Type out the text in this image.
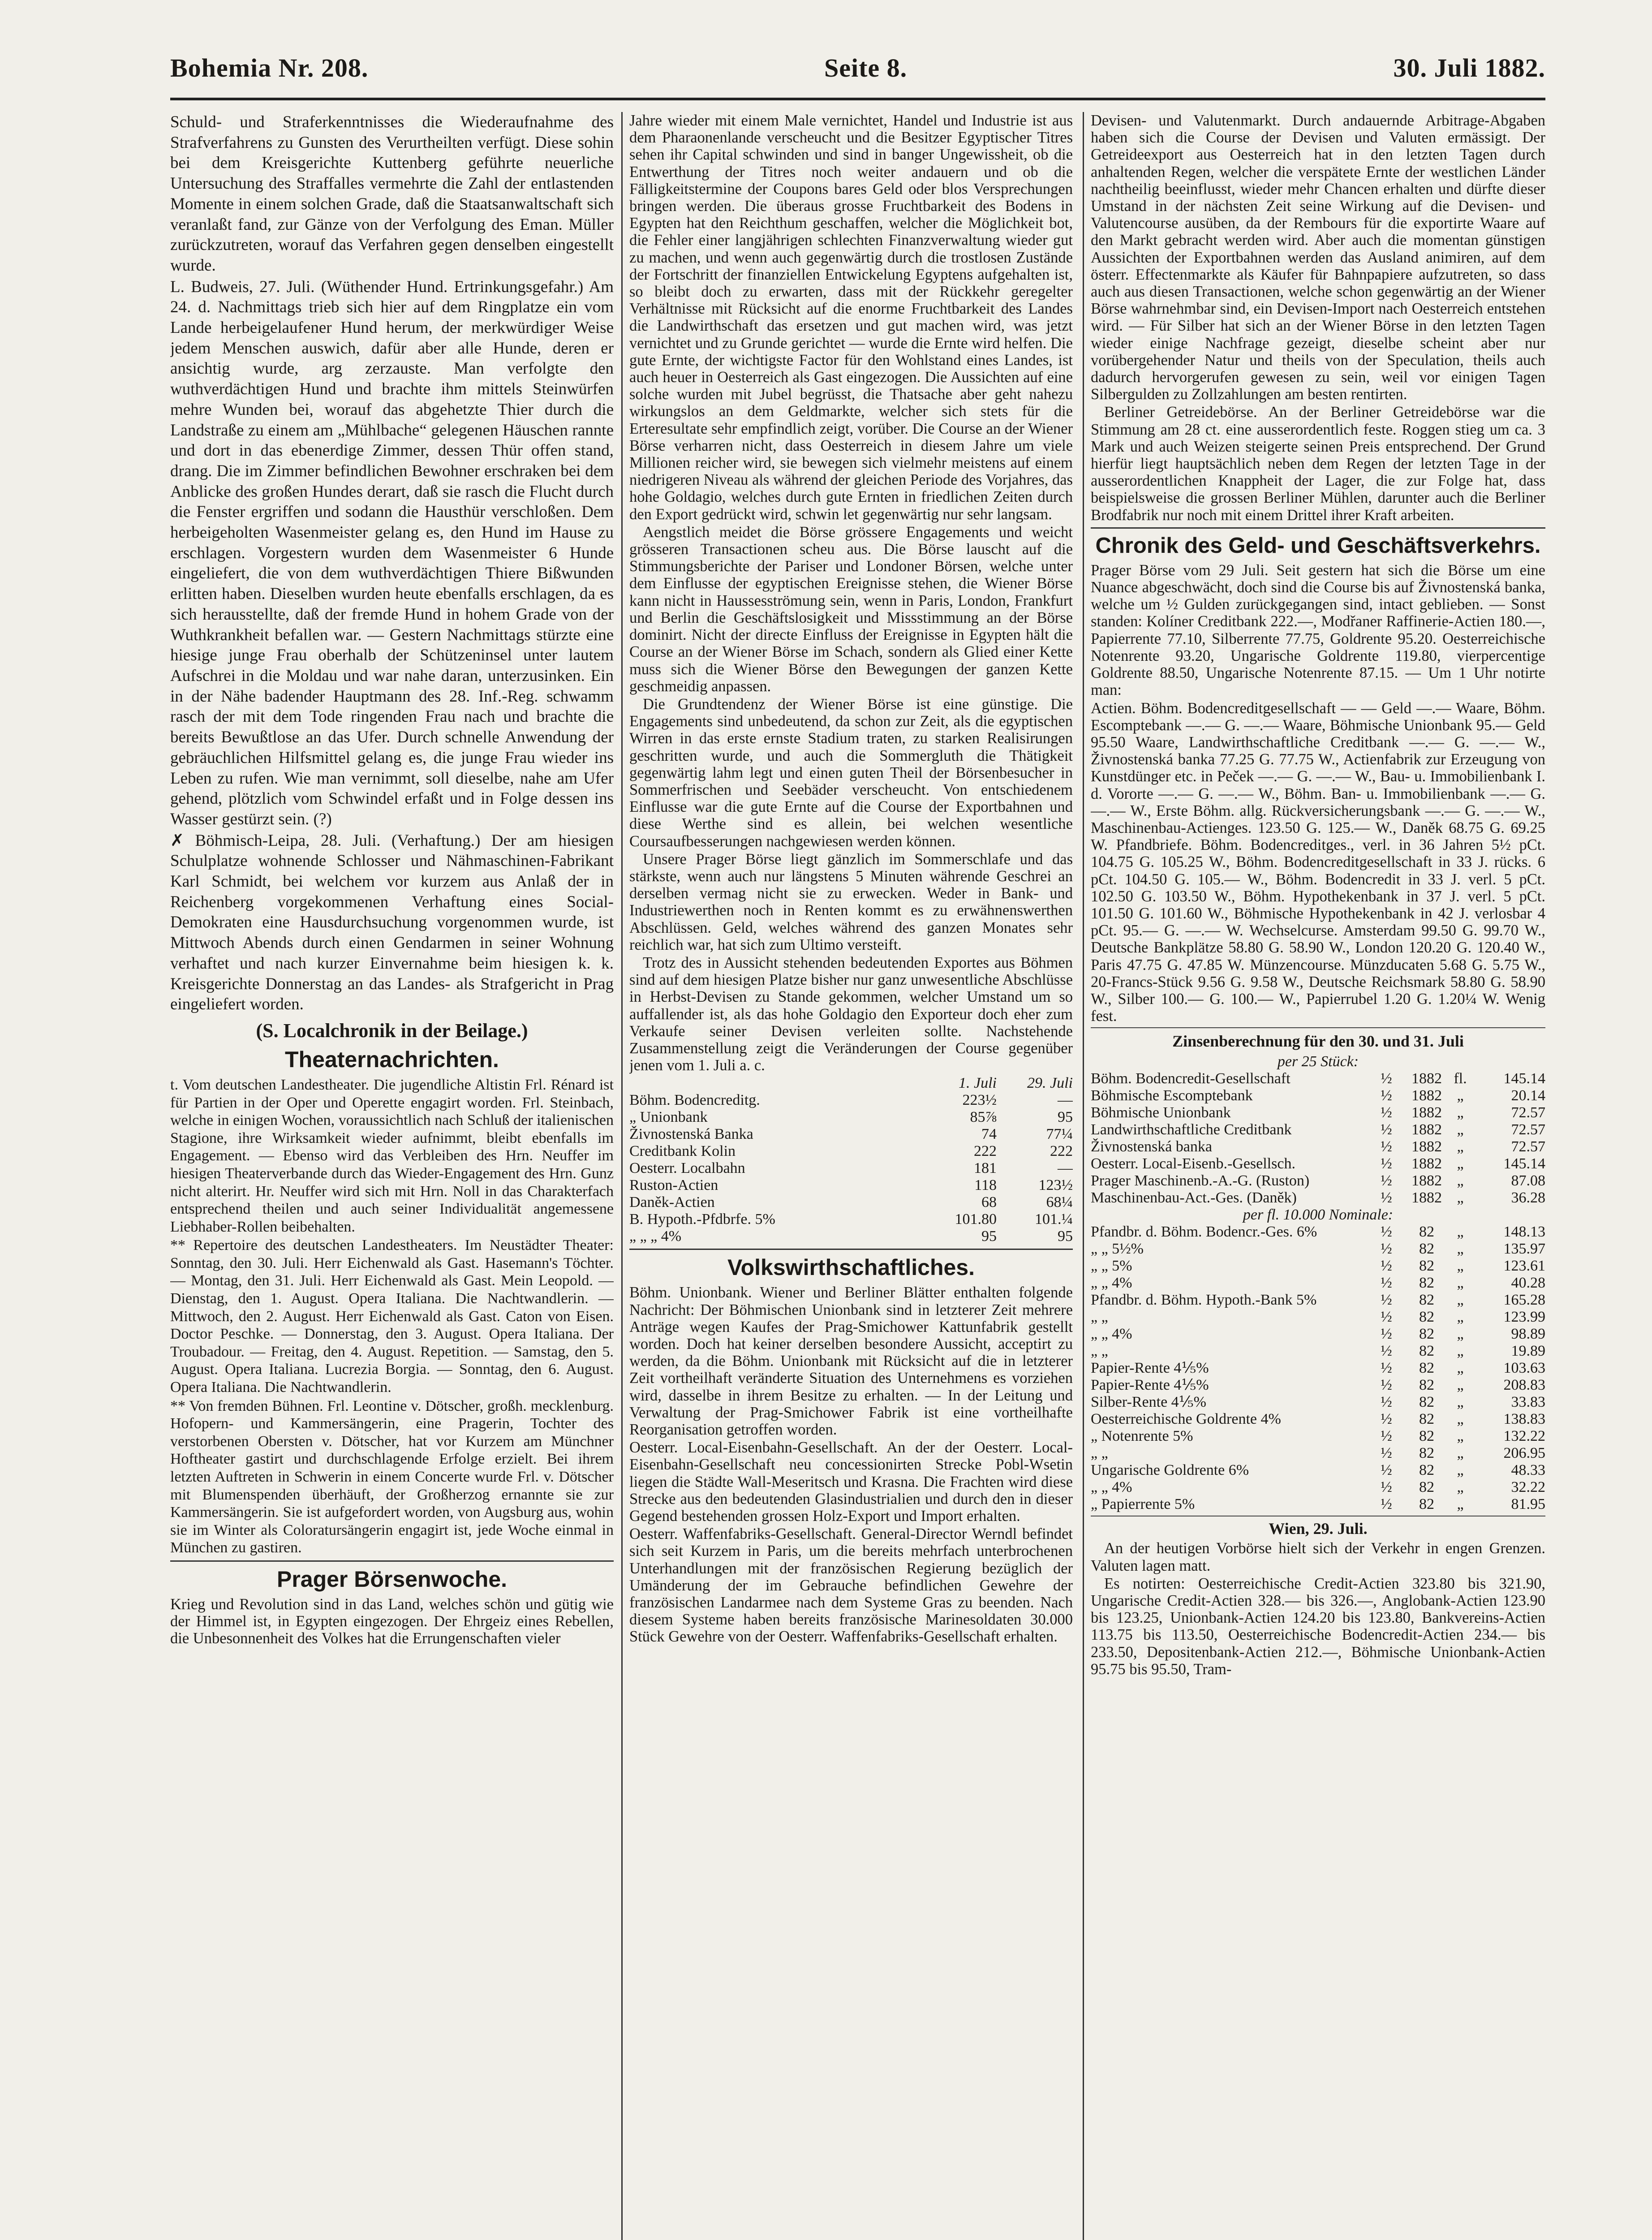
Bohemia Nr. 208.	Seite 8.	30. Juli 1882.

Schuld- und Straferkenntnisses die Wiederaufnahme des Strafverfahrens zu Gunsten des Verurtheilten verfügt. Diese sohin bei dem Kreisgerichte Kuttenberg geführte neuerliche Untersuchung des Straffalles vermehrte die Zahl der entlastenden Momente in einem solchen Grade, daß die Staatsanwaltschaft sich veranlaßt fand, zur Gänze von der Verfolgung des Eman. Müller zurückzutreten, worauf das Verfahren gegen denselben eingestellt wurde.

L. Budweis, 27. Juli. (Wüthender Hund. Ertrinkungsgefahr.) Am 24. d. Nachmittags trieb sich hier auf dem Ringplatze ein vom Lande herbeigelaufener Hund herum, der merkwürdiger Weise jedem Menschen auswich, dafür aber alle Hunde, deren er ansichtig wurde, arg zerzauste. Man verfolgte den wuthverdächtigen Hund und brachte ihm mittels Steinwürfen mehre Wunden bei, worauf das abgehetzte Thier durch die Landstraße zu einem am „Mühlbache“ gelegenen Häuschen rannte und dort in das ebenerdige Zimmer, dessen Thür offen stand, drang. Die im Zimmer befindlichen Bewohner erschraken bei dem Anblicke des großen Hundes derart, daß sie rasch die Flucht durch die Fenster ergriffen und sodann die Hausthür verschloßen. Dem herbeigeholten Wasenmeister gelang es, den Hund im Hause zu erschlagen. Vorgestern wurden dem Wasenmeister 6 Hunde eingeliefert, die von dem wuthverdächtigen Thiere Bißwunden erlitten haben. Dieselben wurden heute ebenfalls erschlagen, da es sich herausstellte, daß der fremde Hund in hohem Grade von der Wuthkrankheit befallen war. — Gestern Nachmittags stürzte eine hiesige junge Frau oberhalb der Schützeninsel unter lautem Aufschrei in die Moldau und war nahe daran, unterzusinken. Ein in der Nähe badender Hauptmann des 28. Inf.-Reg. schwamm rasch der mit dem Tode ringenden Frau nach und brachte die bereits Bewußtlose an das Ufer. Durch schnelle Anwendung der gebräuchlichen Hilfsmittel gelang es, die junge Frau wieder ins Leben zu rufen. Wie man vernimmt, soll dieselbe, nahe am Ufer gehend, plötzlich vom Schwindel erfaßt und in Folge dessen ins Wasser gestürzt sein. (?)

✗ Böhmisch-Leipa, 28. Juli. (Verhaftung.) Der am hiesigen Schulplatze wohnende Schlosser und Nähmaschinen-Fabrikant Karl Schmidt, bei welchem vor kurzem aus Anlaß der in Reichenberg vorgekommenen Verhaftung eines Social-Demokraten eine Hausdurchsuchung vorgenommen wurde, ist Mittwoch Abends durch einen Gendarmen in seiner Wohnung verhaftet und nach kurzer Einvernahme beim hiesigen k. k. Kreisgerichte Donnerstag an das Landes- als Strafgericht in Prag eingeliefert worden.

(S. Localchronik in der Beilage.)
Theaternachrichten.

t. Vom deutschen Landestheater. Die jugendliche Altistin Frl. Rénard ist für Partien in der Oper und Operette engagirt worden. Frl. Steinbach, welche in einigen Wochen, voraussichtlich nach Schluß der italienischen Stagione, ihre Wirksamkeit wieder aufnimmt, bleibt ebenfalls im Engagement. — Ebenso wird das Verbleiben des Hrn. Neuffer im hiesigen Theaterverbande durch das Wieder-Engagement des Hrn. Gunz nicht alterirt. Hr. Neuffer wird sich mit Hrn. Noll in das Charakterfach entsprechend theilen und auch seiner Individualität angemessene Liebhaber-Rollen beibehalten.

** Repertoire des deutschen Landestheaters. Im Neustädter Theater: Sonntag, den 30. Juli. Herr Eichenwald als Gast. Hasemann's Töchter. — Montag, den 31. Juli. Herr Eichenwald als Gast. Mein Leopold. — Dienstag, den 1. August. Opera Italiana. Die Nachtwandlerin. — Mittwoch, den 2. August. Herr Eichenwald als Gast. Caton von Eisen. Doctor Peschke. — Donnerstag, den 3. August. Opera Italiana. Der Troubadour. — Freitag, den 4. August. Repetition. — Samstag, den 5. August. Opera Italiana. Lucrezia Borgia. — Sonntag, den 6. August. Opera Italiana. Die Nachtwandlerin.

** Von fremden Bühnen. Frl. Leontine v. Dötscher, großh. mecklenburg. Hofopern- und Kammersängerin, eine Pragerin, Tochter des verstorbenen Obersten v. Dötscher, hat vor Kurzem am Münchner Hoftheater gastirt und durchschlagende Erfolge erzielt. Bei ihrem letzten Auftreten in Schwerin in einem Concerte wurde Frl. v. Dötscher mit Blumenspenden überhäuft, der Großherzog ernannte sie zur Kammersängerin. Sie ist aufgefordert worden, von Augsburg aus, wohin sie im Winter als Coloratursängerin engagirt ist, jede Woche einmal in München zu gastiren.

Prager Börsenwoche.

Krieg und Revolution sind in das Land, welches schön und gütig wie der Himmel ist, in Egypten eingezogen. Der Ehrgeiz eines Rebellen, die Unbesonnenheit des Volkes hat die Errungenschaften vieler

Jahre wieder mit einem Male vernichtet, Handel und Industrie ist aus dem Pharaonenlande verscheucht und die Besitzer Egyptischer Titres sehen ihr Capital schwinden und sind in banger Ungewissheit, ob die Entwerthung der Titres noch weiter andauern und ob die Fälligkeitstermine der Coupons bares Geld oder blos Versprechungen bringen werden. Die überaus grosse Fruchtbarkeit des Bodens in Egypten hat den Reichthum geschaffen, welcher die Möglichkeit bot, die Fehler einer langjährigen schlechten Finanzverwaltung wieder gut zu machen, und wenn auch gegenwärtig durch die trostlosen Zustände der Fortschritt der finanziellen Entwickelung Egyptens aufgehalten ist, so bleibt doch zu erwarten, dass mit der Rückkehr geregelter Verhältnisse mit Rücksicht auf die enorme Fruchtbarkeit des Landes die Landwirthschaft das ersetzen und gut machen wird, was jetzt vernichtet und zu Grunde gerichtet — wurde die Ernte wird helfen. Die gute Ernte, der wichtigste Factor für den Wohlstand eines Landes, ist auch heuer in Oesterreich als Gast eingezogen. Die Aussichten auf eine solche wurden mit Jubel begrüsst, die Thatsache aber geht nahezu wirkungslos an dem Geldmarkte, welcher sich stets für die Erteresultate sehr empfindlich zeigt, vorüber. Die Course an der Wiener Börse verharren nicht, dass Oesterreich in diesem Jahre um viele Millionen reicher wird, sie bewegen sich vielmehr meistens auf einem niedrigeren Niveau als während der gleichen Periode des Vorjahres, das hohe Goldagio, welches durch gute Ernten in friedlichen Zeiten durch den Export gedrückt wird, schwin let gegenwärtig nur sehr langsam.

Aengstlich meidet die Börse grössere Engagements und weicht grösseren Transactionen scheu aus. Die Börse lauscht auf die Stimmungsberichte der Pariser und Londoner Börsen, welche unter dem Einflusse der egyptischen Ereignisse stehen, die Wiener Börse kann nicht in Haussesströmung sein, wenn in Paris, London, Frankfurt und Berlin die Geschäftslosigkeit und Missstimmung an der Börse dominirt. Nicht der directe Einfluss der Ereignisse in Egypten hält die Course an der Wiener Börse im Schach, sondern als Glied einer Kette muss sich die Wiener Börse den Bewegungen der ganzen Kette geschmeidig anpassen.

Die Grundtendenz der Wiener Börse ist eine günstige. Die Engagements sind unbedeutend, da schon zur Zeit, als die egyptischen Wirren in das erste ernste Stadium traten, zu starken Realisirungen geschritten wurde, und auch die Sommergluth die Thätigkeit gegenwärtig lahm legt und einen guten Theil der Börsenbesucher in Sommerfrischen und Seebäder verscheucht. Von entschiedenem Einflusse war die gute Ernte auf die Course der Exportbahnen und diese Werthe sind es allein, bei welchen wesentliche Coursaufbesserungen nachgewiesen werden können.

Unsere Prager Börse liegt gänzlich im Sommerschlafe und das stärkste, wenn auch nur längstens 5 Minuten währende Geschrei an derselben vermag nicht sie zu erwecken. Weder in Bank- und Industriewerthen noch in Renten kommt es zu erwähnenswerthen Abschlüssen. Geld, welches während des ganzen Monates sehr reichlich war, hat sich zum Ultimo versteift.

Trotz des in Aussicht stehenden bedeutenden Exportes aus Böhmen sind auf dem hiesigen Platze bisher nur ganz unwesentliche Abschlüsse in Herbst-Devisen zu Stande gekommen, welcher Umstand um so auffallender ist, als das hohe Goldagio den Exporteur doch eher zum Verkaufe seiner Devisen verleiten sollte. Nachstehende Zusammenstellung zeigt die Veränderungen der Course gegenüber jenen vom 1. Juli a. c.

1. Juli	29. Juli
Böhm. Bodencreditg.	223½	—
„ Unionbank	85⅞	95
Živnostenská Banka	74	77¼
Creditbank Kolin	222	222
Oesterr. Localbahn	181	—
Ruston-Actien	118	123½
Daněk-Actien	68	68¼
B. Hypoth.-Pfdbrfe. 5%	101.80	101.¼
„ „ „ 4%	95	95
Volkswirthschaftliches.

Böhm. Unionbank. Wiener und Berliner Blätter enthalten folgende Nachricht: Der Böhmischen Unionbank sind in letzterer Zeit mehrere Anträge wegen Kaufes der Prag-Smichower Kattunfabrik gestellt worden. Doch hat keiner derselben besondere Aussicht, acceptirt zu werden, da die Böhm. Unionbank mit Rücksicht auf die in letzterer Zeit vortheilhaft veränderte Situation des Unternehmens es vorziehen wird, dasselbe in ihrem Besitze zu erhalten. — In der Leitung und Verwaltung der Prag-Smichower Fabrik ist eine vortheilhafte Reorganisation getroffen worden.

Oesterr. Local-Eisenbahn-Gesellschaft. An der der Oesterr. Local-Eisenbahn-Gesellschaft neu concessionirten Strecke Pobl-Wsetin liegen die Städte Wall-Meseritsch und Krasna. Die Frachten wird diese Strecke aus den bedeutenden Glasindustrialien und durch den in dieser Gegend bestehenden grossen Holz-Export und Import erhalten.

Oesterr. Waffenfabriks-Gesellschaft. General-Director Werndl befindet sich seit Kurzem in Paris, um die bereits mehrfach unterbrochenen Unterhandlungen mit der französischen Regierung bezüglich der Umänderung der im Gebrauche befindlichen Gewehre der französischen Landarmee nach dem Systeme Gras zu beenden. Nach diesem Systeme haben bereits französische Marinesoldaten 30.000 Stück Gewehre von der Oesterr. Waffenfabriks-Gesellschaft erhalten.

Devisen- und Valutenmarkt. Durch andauernde Arbitrage-Abgaben haben sich die Course der Devisen und Valuten ermässigt. Der Getreideexport aus Oesterreich hat in den letzten Tagen durch anhaltenden Regen, welcher die verspätete Ernte der westlichen Länder nachtheilig beeinflusst, wieder mehr Chancen erhalten und dürfte dieser Umstand in der nächsten Zeit seine Wirkung auf die Devisen- und Valutencourse ausüben, da der Rembours für die exportirte Waare auf den Markt gebracht werden wird. Aber auch die momentan günstigen Aussichten der Exportbahnen werden das Ausland animiren, auf dem österr. Effectenmarkte als Käufer für Bahnpapiere aufzutreten, so dass auch aus diesen Transactionen, welche schon gegenwärtig an der Wiener Börse wahrnehmbar sind, ein Devisen-Import nach Oesterreich entstehen wird. — Für Silber hat sich an der Wiener Börse in den letzten Tagen wieder einige Nachfrage gezeigt, dieselbe scheint aber nur vorübergehender Natur und theils von der Speculation, theils auch dadurch hervorgerufen gewesen zu sein, weil vor einigen Tagen Silbergulden zu Zollzahlungen am besten rentirten.

Berliner Getreidebörse. An der Berliner Getreidebörse war die Stimmung am 28 ct. eine ausserordentlich feste. Roggen stieg um ca. 3 Mark und auch Weizen steigerte seinen Preis entsprechend. Der Grund hierfür liegt hauptsächlich neben dem Regen der letzten Tage in der ausserordentlichen Knappheit der Lager, die zur Folge hat, dass beispielsweise die grossen Berliner Mühlen, darunter auch die Berliner Brodfabrik nur noch mit einem Drittel ihrer Kraft arbeiten.

Chronik des Geld- und Geschäftsverkehrs.

Prager Börse vom 29 Juli. Seit gestern hat sich die Börse um eine Nuance abgeschwächt, doch sind die Course bis auf Živnostenská banka, welche um ½ Gulden zurückgegangen sind, intact geblieben. — Sonst standen: Kolíner Creditbank 222.—, Modřaner Raffinerie-Actien 180.—, Papierrente 77.10, Silberrente 77.75, Goldrente 95.20. Oesterreichische Notenrente 93.20, Ungarische Goldrente 119.80, vierpercentige Goldrente 88.50, Ungarische Notenrente 87.15. — Um 1 Uhr notirte man:

Actien. Böhm. Bodencreditgesellschaft — — Geld —.— Waare, Böhm. Escomptebank —.— G. —.— Waare, Böhmische Unionbank 95.— Geld 95.50 Waare, Landwirthschaftliche Creditbank —.— G. —.— W., Živnostenská banka 77.25 G. 77.75 W., Actienfabrik zur Erzeugung von Kunstdünger etc. in Peček —.— G. —.— W., Bau- u. Immobilienbank I. d. Vororte —.— G. —.— W., Böhm. Ban- u. Immobilienbank —.— G. —.— W., Erste Böhm. allg. Rückversicherungsbank —.— G. —.— W., Maschinenbau-Actienges. 123.50 G. 125.— W., Daněk 68.75 G. 69.25 W. Pfandbriefe. Böhm. Bodencreditges., verl. in 36 Jahren 5½ pCt. 104.75 G. 105.25 W., Böhm. Bodencreditgesellschaft in 33 J. rücks. 6 pCt. 104.50 G. 105.— W., Böhm. Bodencredit in 33 J. verl. 5 pCt. 102.50 G. 103.50 W., Böhm. Hypothekenbank in 37 J. verl. 5 pCt. 101.50 G. 101.60 W., Böhmische Hypothekenbank in 42 J. verlosbar 4 pCt. 95.— G. —.— W. Wechselcurse. Amsterdam 99.50 G. 99.70 W., Deutsche Bankplätze 58.80 G. 58.90 W., London 120.20 G. 120.40 W., Paris 47.75 G. 47.85 W. Münzencourse. Münzducaten 5.68 G. 5.75 W., 20-Francs-Stück 9.56 G. 9.58 W., Deutsche Reichsmark 58.80 G. 58.90 W., Silber 100.— G. 100.— W., Papierrubel 1.20 G. 1.20¼ W. Wenig fest.

Zinsenberechnung für den 30. und 31. Juli
per 25 Stück:
Böhm. Bodencredit-Gesellschaft	½	1882 fl.	145.14
Böhmische Escomptebank	½	1882 „	20.14
Böhmische Unionbank	½	1882 „	72.57
Landwirthschaftliche Creditbank	½	1882 „	72.57
Živnostenská banka	½	1882 „	72.57
Oesterr. Local-Eisenb.-Gesellsch.	½	1882 „	145.14
Prager Maschinenb.-A.-G. (Ruston)	½	1882 „	87.08
Maschinenbau-Act.-Ges. (Daněk)	½	1882 „	36.28
per fl. 10.000 Nominale:
Pfandbr. d. Böhm. Bodencr.-Ges. 6%	½	82	„	148.13
„ „ 5½%	½	82	„	135.97
„ „ 5%	½	82	„	123.61
„ „ 4%	½	82	„	40.28
Pfandbr. d. Böhm. Hypoth.-Bank 5%	½	82	„	165.28
„ „	½	82	„	123.99
„ „ 4%	½	82	„	98.89
„ „	½	82	„	19.89
Papier-Rente 4⅕%	½	82	„	103.63
Papier-Rente 4⅕%	½	82	„	208.83
Silber-Rente 4⅕%	½	82	„	33.83
Oesterreichische Goldrente 4%	½	82	„	138.83
„ Notenrente 5%	½	82	„	132.22
„ „	½	82	„	206.95
Ungarische Goldrente 6%	½	82	„	48.33
„ „ 4%	½	82	„	32.22
„ Papierrente 5%	½	82	„	81.95
Wien, 29. Juli.

An der heutigen Vorbörse hielt sich der Verkehr in engen Grenzen. Valuten lagen matt.

Es notirten: Oesterreichische Credit-Actien 323.80 bis 321.90, Ungarische Credit-Actien 328.— bis 326.—, Anglobank-Actien 123.90 bis 123.25, Unionbank-Actien 124.20 bis 123.80, Bankvereins-Actien 113.75 bis 113.50, Oesterreichische Bodencredit-Actien 234.— bis 233.50, Depositenbank-Actien 212.—, Böhmische Unionbank-Actien 95.75 bis 95.50, Tram-
